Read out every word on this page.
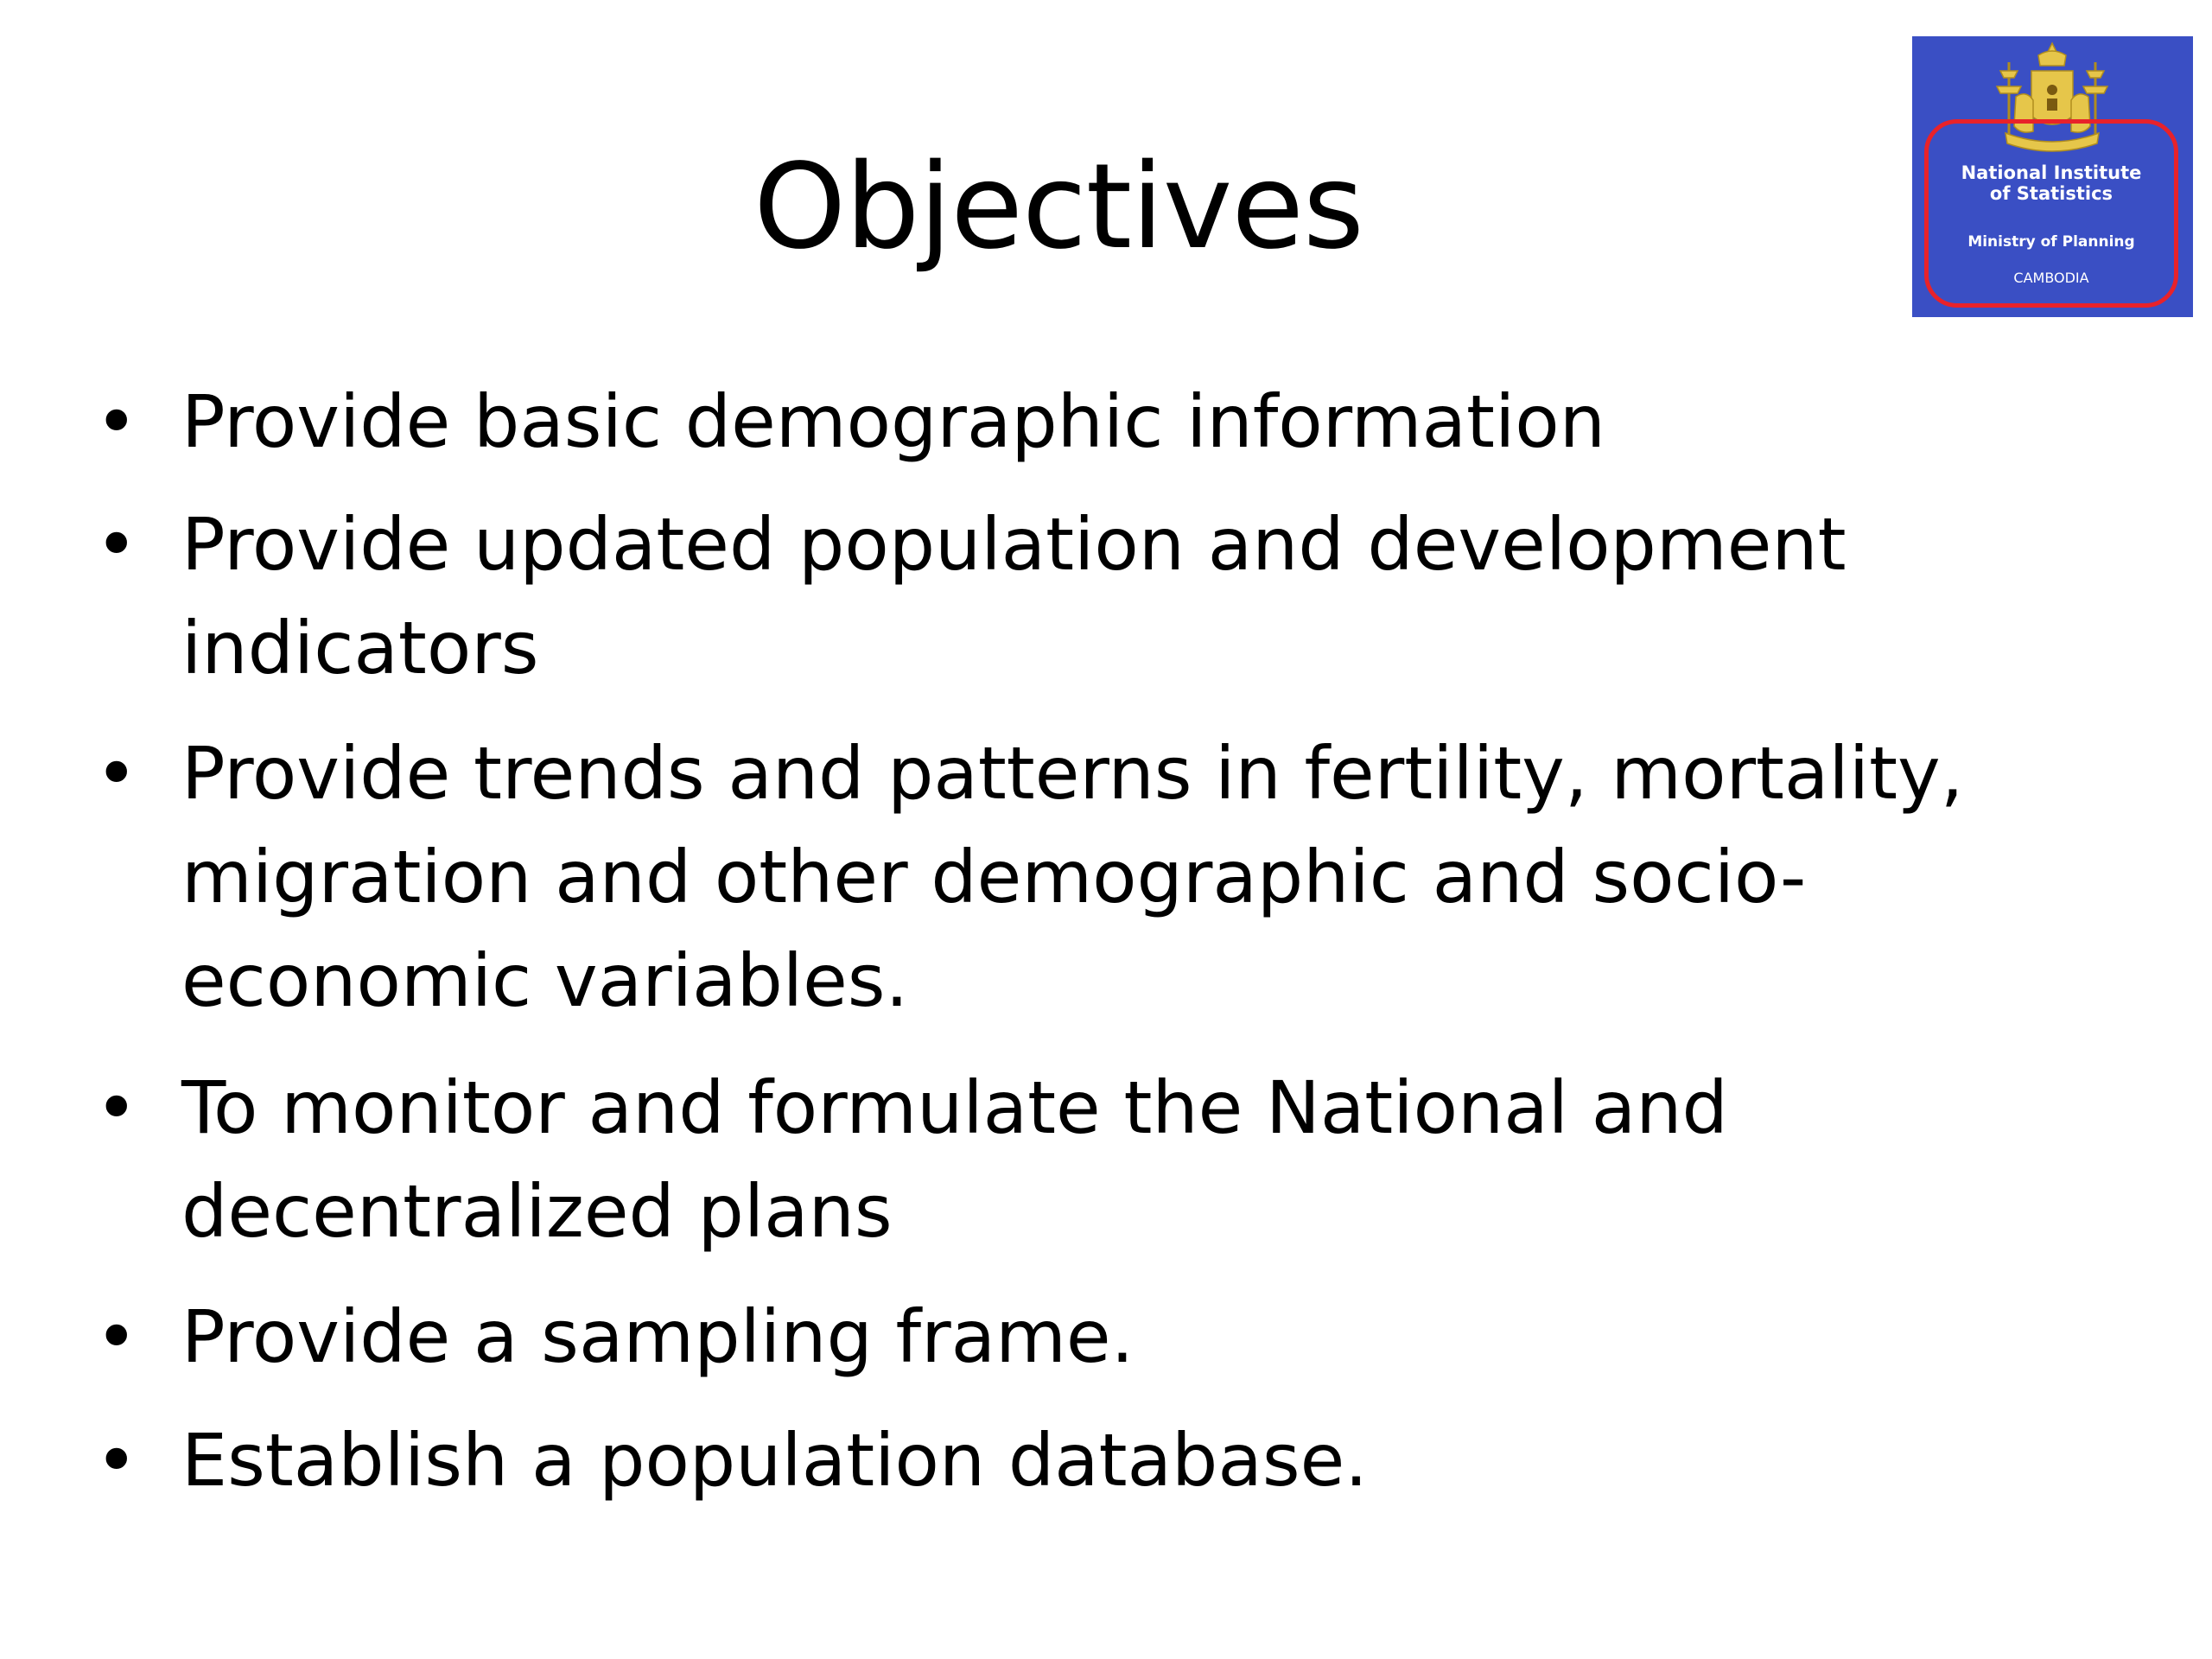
Objectives	National Institute
of Statistics
Ministry of Planning
CAMBODIA
• Provide basic demographic information
• Provide updated population and development indicators
• Provide trends and patterns in fertility, mortality, migration and other demographic and socio-economic variables.
• To monitor and formulate the National and decentralized plans
• Provide a sampling frame.
• Establish a population database.
